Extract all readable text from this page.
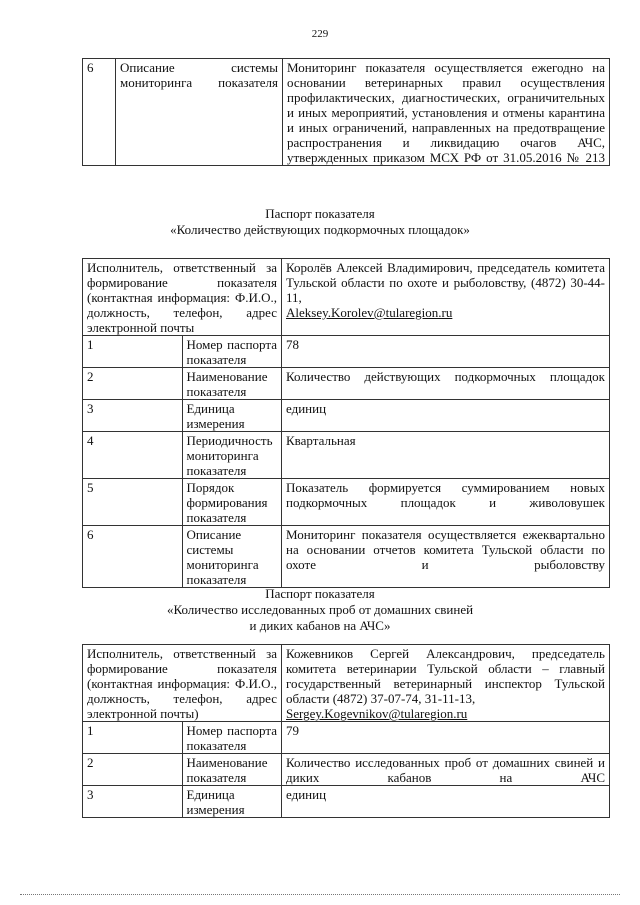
229
6	Описание системы мониторинга показателя	Мониторинг показателя осуществляется ежегодно на основании ветеринарных правил осуществления профилактических, диагностических, ограничительных и иных мероприятий, установления и отмены карантина и иных ограничений, направленных на предотвращение распространения и ликвидацию очагов АЧС, утвержденных приказом МСХ РФ от 31.05.2016 № 213
Паспорт показателя
«Количество действующих подкормочных площадок»
Исполнитель, ответственный за формирование показателя (контактная информация: Ф.И.О., должность, телефон, адрес электронной почты		Королёв Алексей Владимирович, председатель комитета Тульской области по охоте и рыболовству, (4872) 30-44-11,
Aleksey.Korolev@tularegion.ru
1	Номер паспорта показателя	78
2	Наименование показателя	Количество действующих подкормочных площадок
3	Единица измерения	единиц
4	Периодичность мониторинга показателя	Квартальная
5	Порядок формирования показателя	Показатель формируется суммированием новых подкормочных площадок и живоловушек
6	Описание системы мониторинга показателя	Мониторинг показателя осуществляется ежеквартально на основании отчетов комитета Тульской области по охоте и рыболовству
Паспорт показателя
«Количество исследованных проб от домашних свиней
и диких кабанов на АЧС»
Исполнитель, ответственный за формирование показателя (контактная информация: Ф.И.О., должность, телефон, адрес электронной почты)		Кожевников Сергей Александрович, председатель комитета ветеринарии Тульской области – главный государственный ветеринарный инспектор Тульской области (4872) 37-07-74, 31-11-13,
Sergey.Kogevnikov@tularegion.ru
1	Номер паспорта показателя	79
2	Наименование показателя	Количество исследованных проб от домашних свиней и диких кабанов на АЧС
3	Единица измерения	единиц
